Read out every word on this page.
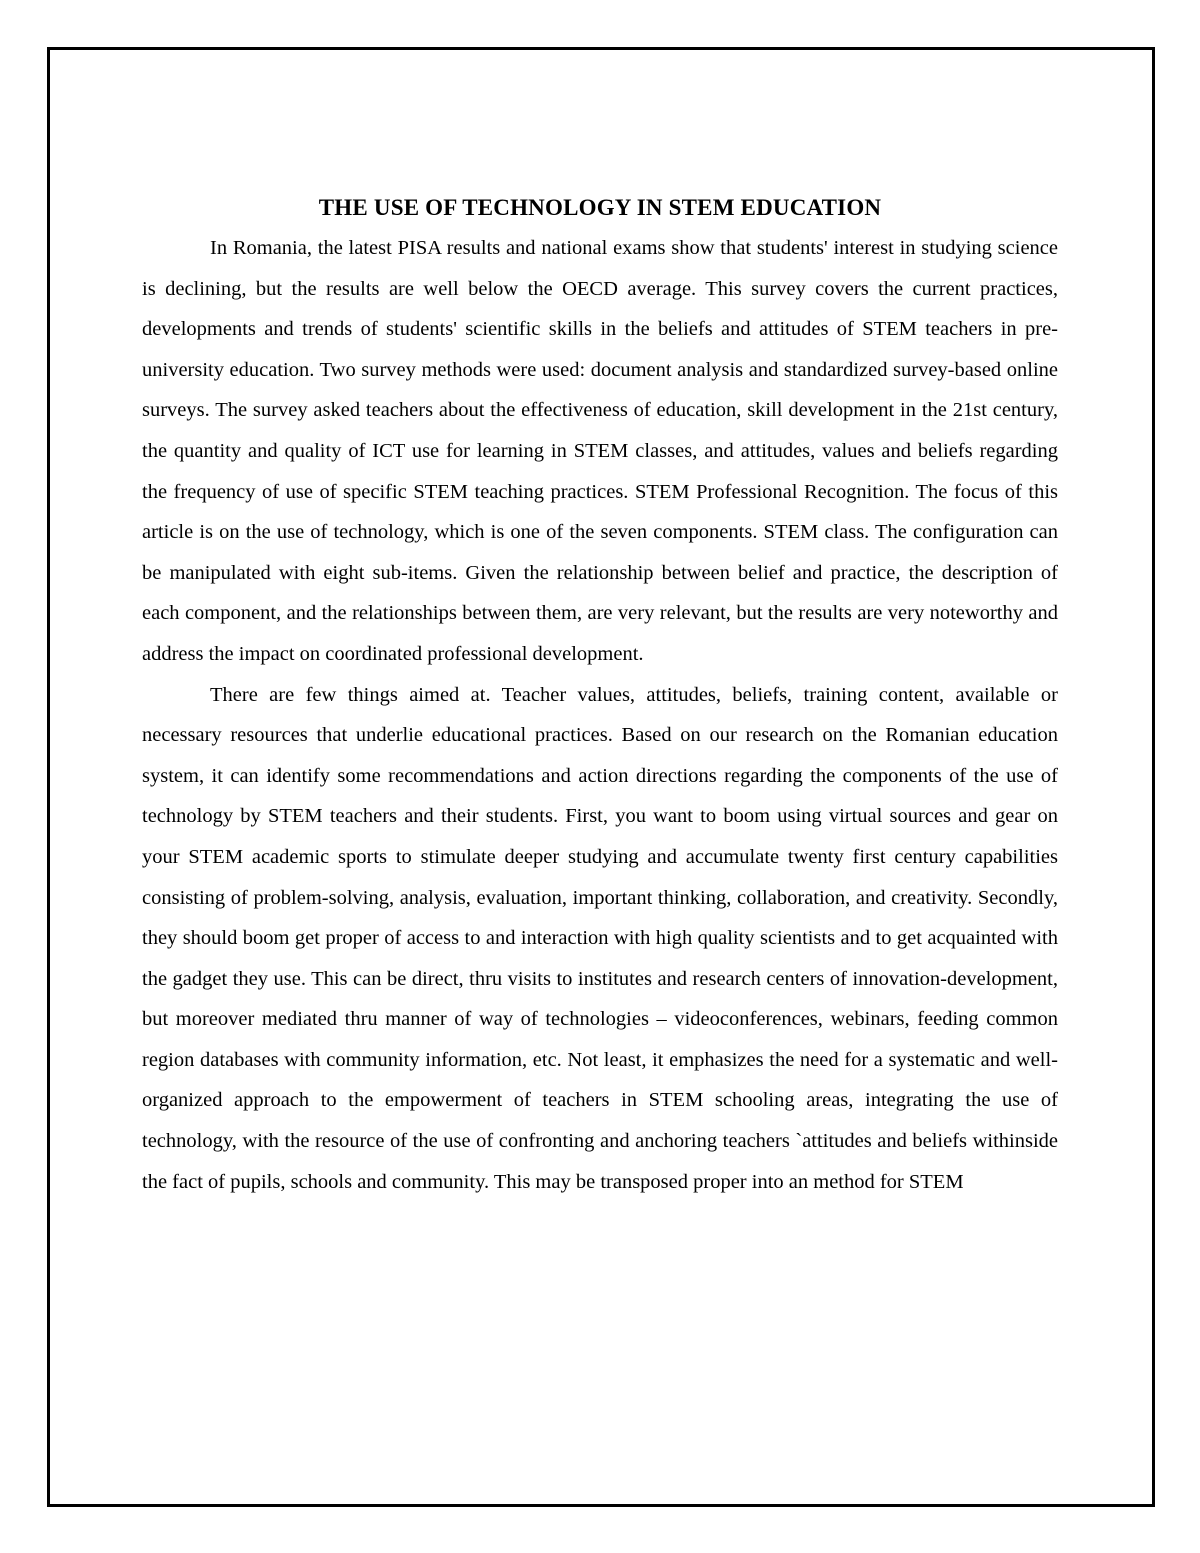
THE USE OF TECHNOLOGY IN STEM EDUCATION

In Romania, the latest PISA results and national exams show that students' interest in studying science is declining, but the results are well below the OECD average. This survey covers the current practices, developments and trends of students' scientific skills in the beliefs and attitudes of STEM teachers in pre-university education. Two survey methods were used: document analysis and standardized survey-based online surveys. The survey asked teachers about the effectiveness of education, skill development in the 21st century, the quantity and quality of ICT use for learning in STEM classes, and attitudes, values and beliefs regarding the frequency of use of specific STEM teaching practices. STEM Professional Recognition. The focus of this article is on the use of technology, which is one of the seven components. STEM class. The configuration can be manipulated with eight sub-items. Given the relationship between belief and practice, the description of each component, and the relationships between them, are very relevant, but the results are very noteworthy and address the impact on coordinated professional development.

There are few things aimed at. Teacher values, attitudes, beliefs, training content, available or necessary resources that underlie educational practices. Based on our research on the Romanian education system, it can identify some recommendations and action directions regarding the components of the use of technology by STEM teachers and their students. First, you want to boom using virtual sources and gear on your STEM academic sports to stimulate deeper studying and accumulate twenty first century capabilities consisting of problem-solving, analysis, evaluation, important thinking, collaboration, and creativity. Secondly, they should boom get proper of access to and interaction with high quality scientists and to get acquainted with the gadget they use. This can be direct, thru visits to institutes and research centers of innovation-development, but moreover mediated thru manner of way of technologies – videoconferences, webinars, feeding common region databases with community information, etc. Not least, it emphasizes the need for a systematic and well-organized approach to the empowerment of teachers in STEM schooling areas, integrating the use of technology, with the resource of the use of confronting and anchoring teachers `attitudes and beliefs withinside the fact of pupils, schools and community. This may be transposed proper into an method for STEM
